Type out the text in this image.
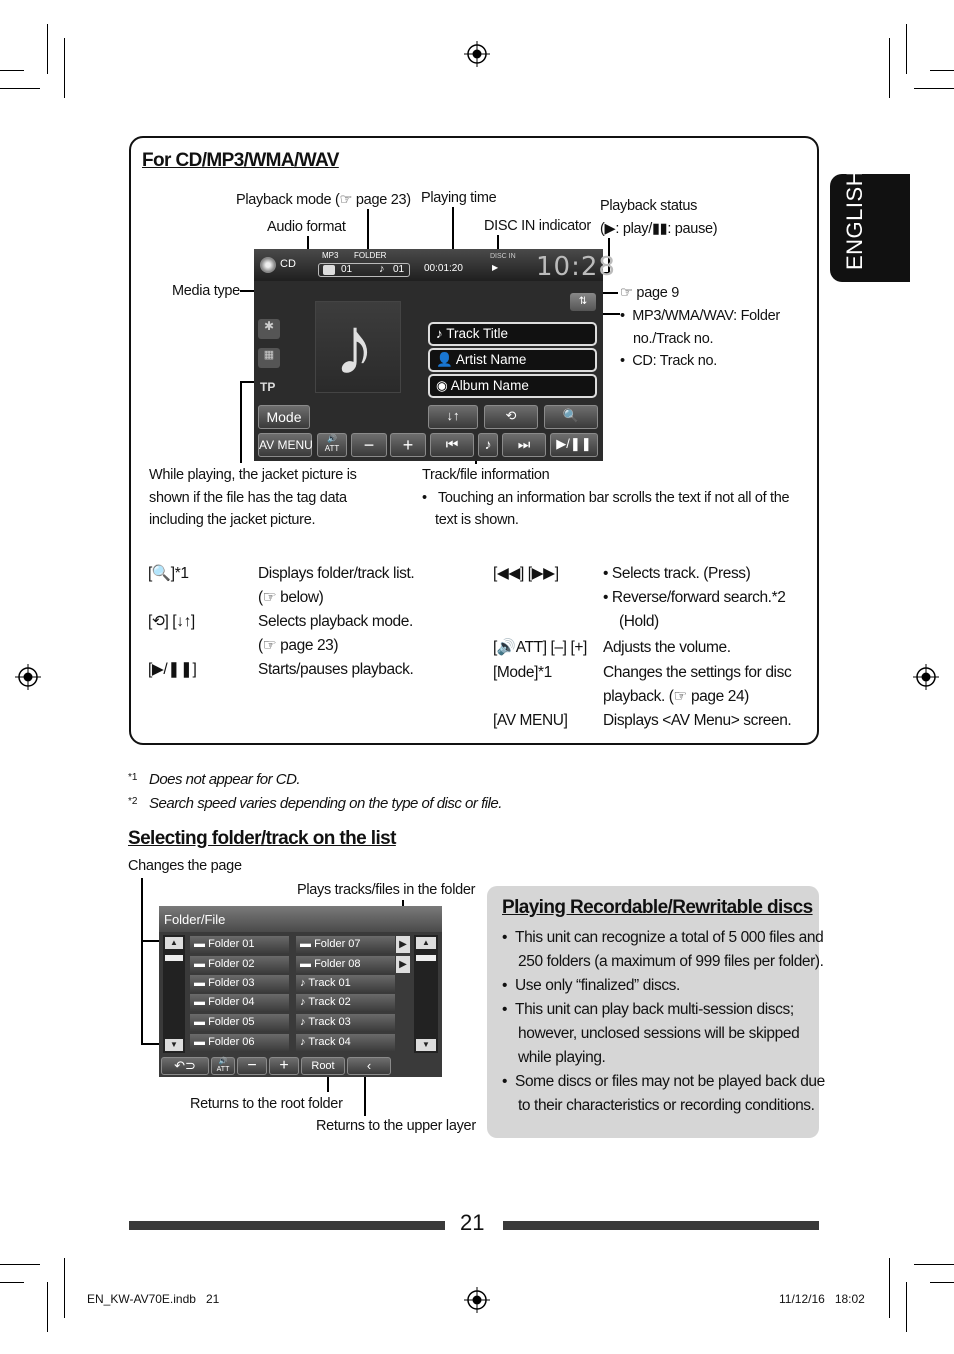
ENGLISH
For CD/MP3/WMA/WAV
Playback mode (☞ page 23) Playing time	Playback status
(▶: play/▮▮: pause)
Audio format	DISC IN indicator
Media type	☞ page 9
•  MP3/WMA/WAV: Folder
no./Track no.
•  CD: Track no.
While playing, the jacket picture is
shown if the file has the tag data
including the jacket picture.
Track/file information
•   Touching an information bar scrolls the text if not all of the
text is shown.
CD
MP3 FOLDER
01 ♪ 01 00:01:20
DISC IN
▶ 10:28
✱
▦
TP ♪	⇅
♪ Track Title
👤 Artist Name
◉ Album Name
Mode	↓↑	⟲	🔍
AV MENU	🔊
ATT	−	+	⏮	♪	⏭	▶/❚❚
[🔍]*1	Displays folder/track list.
(☞ below)
[⟲] [↓↑]	Selects playback mode.
(☞ page 23)
[▶/❚❚]	Starts/pauses playback.
[◀◀] [▶▶]	• Selects track. (Press)
• Reverse/forward search.*2
(Hold)
[🔊ATT] [–] [+] Adjusts the volume.
[Mode]*1	Changes the settings for disc
playback. (☞ page 24)
[AV MENU] Displays <AV Menu> screen.
*1 Does not appear for CD.
*2 Search speed varies depending on the type of disc or file.
Selecting folder/track on the list
Changes the page
Plays tracks/files in the folder
Returns to the root folder
Returns to the upper layer
Folder/File
▲
▼
▲
▼
▬ Folder 01
▬ Folder 02
▬ Folder 03
▬ Folder 04
▬ Folder 05
▬ Folder 06
▬ Folder 07
▬ Folder 08
♪ Track 01
♪ Track 02
♪ Track 03
♪ Track 04
▶
▶
↶⊃	🔊
ATT	−	+	Root	‹
Playing Recordable/Rewritable discs
• This unit can recognize a total of 5 000 files and
250 folders (a maximum of 999 files per folder).
• Use only “finalized” discs.
• This unit can play back multi-session discs;
however, unclosed sessions will be skipped
while playing.
• Some discs or files may not be played back due
to their characteristics or recording conditions.
21
EN_KW-AV70E.indb   21	11/12/16   18:02
